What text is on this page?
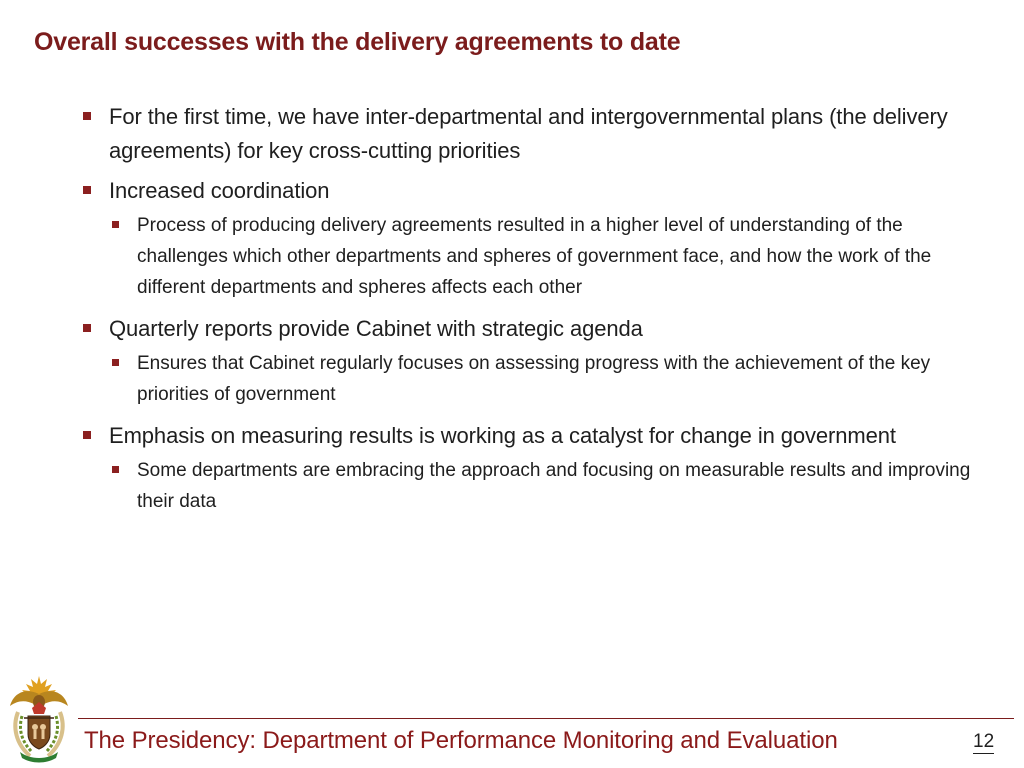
Overall successes with the delivery agreements to date
For the first time, we have inter-departmental and intergovernmental plans (the delivery agreements) for key cross-cutting priorities
Increased coordination
Process of producing delivery agreements resulted in a higher level of understanding of the challenges which other departments and spheres of government face, and how the work of the different departments and spheres affects each other
Quarterly reports provide Cabinet with strategic agenda
Ensures that Cabinet regularly focuses on assessing progress with the achievement of the key priorities of government
Emphasis on measuring results is working as a catalyst for change in government
Some departments are embracing the approach and focusing on measurable results and improving their data
The Presidency: Department of Performance Monitoring and Evaluation	12
